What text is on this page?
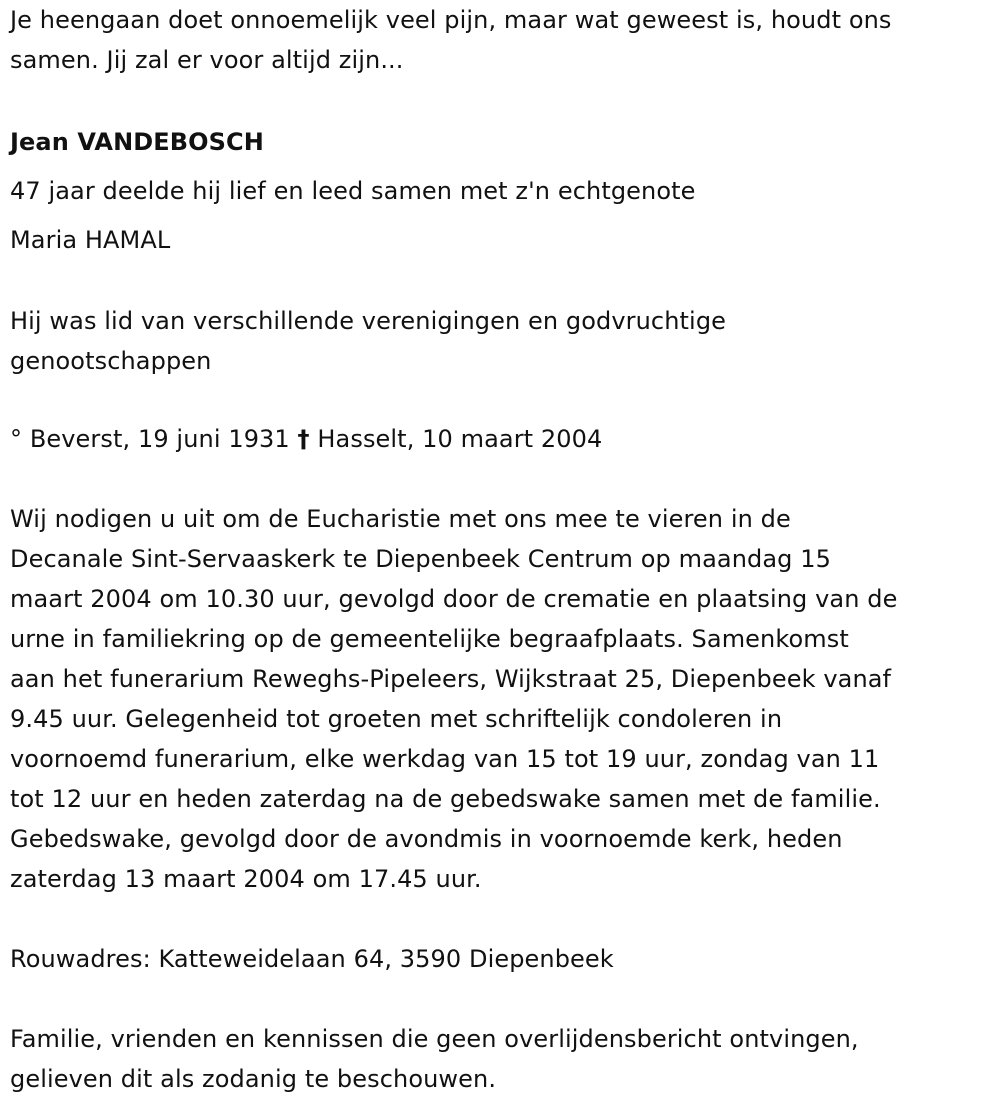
Je heengaan doet onnoemelijk veel pijn, maar wat geweest is, houdt ons
samen. Jij zal er voor altijd zijn...
Jean VANDEBOSCH
47 jaar deelde hij lief en leed samen met z'n echtgenote
Maria HAMAL
Hij was lid van verschillende verenigingen en godvruchtige
genootschappen
° Beverst, 19 juni 1931 † Hasselt, 10 maart 2004
Wij nodigen u uit om de Eucharistie met ons mee te vieren in de
Decanale Sint-Servaaskerk te Diepenbeek Centrum op maandag 15
maart 2004 om 10.30 uur, gevolgd door de crematie en plaatsing van de
urne in familiekring op de gemeentelijke begraafplaats. Samenkomst
aan het funerarium Reweghs-Pipeleers, Wijkstraat 25, Diepenbeek vanaf
9.45 uur. Gelegenheid tot groeten met schriftelijk condoleren in
voornoemd funerarium, elke werkdag van 15 tot 19 uur, zondag van 11
tot 12 uur en heden zaterdag na de gebedswake samen met de familie.
Gebedswake, gevolgd door de avondmis in voornoemde kerk, heden
zaterdag 13 maart 2004 om 17.45 uur.
Rouwadres: Katteweidelaan 64, 3590 Diepenbeek
Familie, vrienden en kennissen die geen overlijdensbericht ontvingen,
gelieven dit als zodanig te beschouwen.
